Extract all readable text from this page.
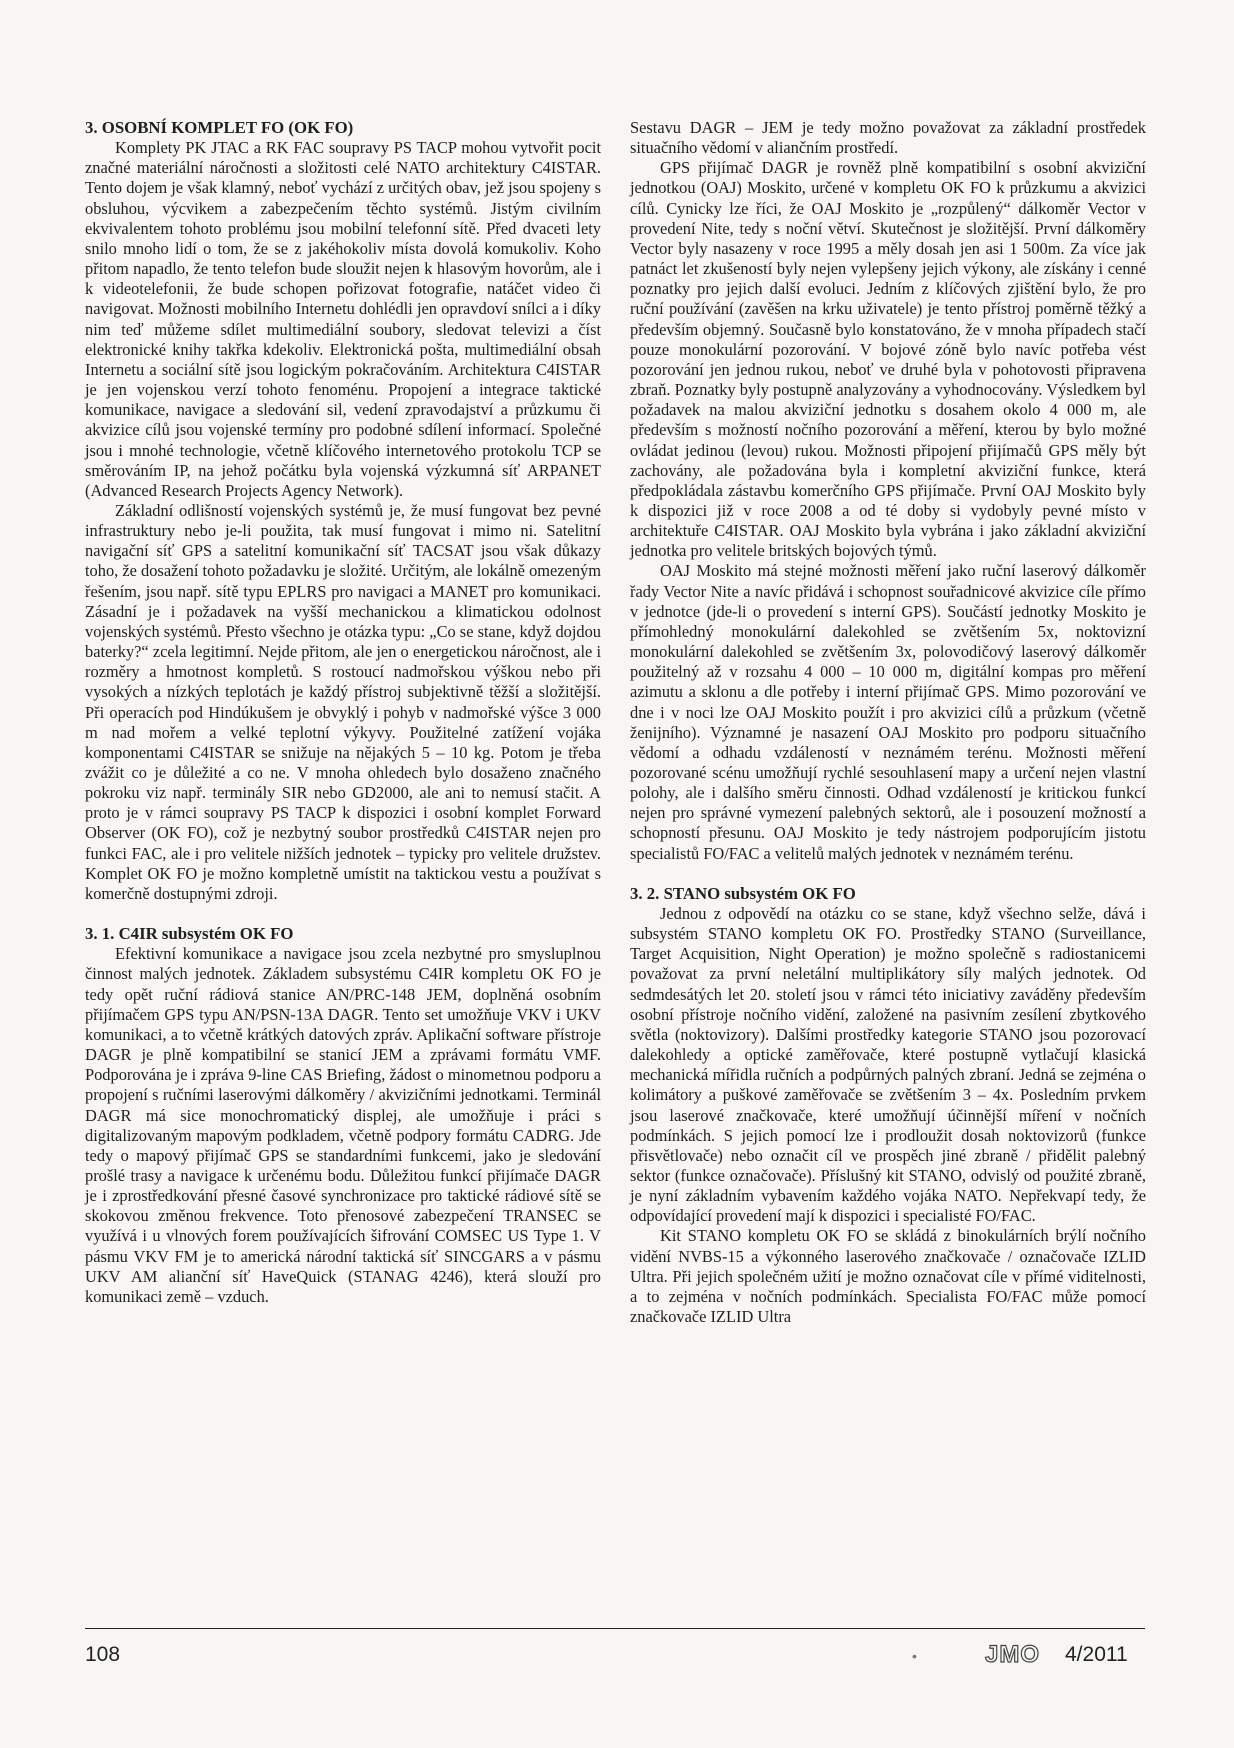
3. OSOBNÍ KOMPLET FO (OK FO)

Komplety PK JTAC a RK FAC soupravy PS TACP mohou vytvořit pocit značné materiální náročnosti a složitosti celé NATO architektury C4ISTAR. Tento dojem je však klamný, neboť vychází z určitých obav, jež jsou spojeny s obsluhou, výcvikem a zabezpečením těchto systémů. Jistým civilním ekvivalentem tohoto problému jsou mobilní telefonní sítě. Před dvaceti lety snilo mnoho lidí o tom, že se z jakéhokoliv místa dovolá komukoliv. Koho přitom napadlo, že tento telefon bude sloužit nejen k hlasovým hovorům, ale i k videotelefonii, že bude schopen pořizovat fotografie, natáčet video či navigovat. Možnosti mobilního Internetu dohlédli jen opravdoví snílci a i díky nim teď můžeme sdílet multimediální soubory, sledovat televizi a číst elektronické knihy takřka kdekoliv. Elektronická pošta, multimediální obsah Internetu a sociální sítě jsou logickým pokračováním. Architektura C4ISTAR je jen vojenskou verzí tohoto fenoménu. Propojení a integrace taktické komunikace, navigace a sledování sil, vedení zpravodajství a průzkumu či akvizice cílů jsou vojenské termíny pro podobné sdílení informací. Společné jsou i mnohé technologie, včetně klíčového internetového protokolu TCP se směrováním IP, na jehož počátku byla vojenská výzkumná síť ARPANET (Advanced Research Projects Agency Network).

Základní odlišností vojenských systémů je, že musí fungovat bez pevné infrastruktury nebo je-li použita, tak musí fungovat i mimo ni. Satelitní navigační síť GPS a satelitní komunikační síť TACSAT jsou však důkazy toho, že dosažení tohoto požadavku je složité. Určitým, ale lokálně omezeným řešením, jsou např. sítě typu EPLRS pro navigaci a MANET pro komunikaci. Zásadní je i požadavek na vyšší mechanickou a klimatickou odolnost vojenských systémů. Přesto všechno je otázka typu: „Co se stane, když dojdou baterky?“ zcela legitimní. Nejde přitom, ale jen o energetickou náročnost, ale i rozměry a hmotnost kompletů. S rostoucí nadmořskou výškou nebo při vysokých a nízkých teplotách je každý přístroj subjektivně těžší a složitější. Při operacích pod Hindúkušem je obvyklý i pohyb v nadmořské výšce 3 000 m nad mořem a velké teplotní výkyvy. Použitelné zatížení vojáka komponentami C4ISTAR se snižuje na nějakých 5 – 10 kg. Potom je třeba zvážit co je důležité a co ne. V mnoha ohledech bylo dosaženo značného pokroku viz např. terminály SIR nebo GD2000, ale ani to nemusí stačit. A proto je v rámci soupravy PS TACP k dispozici i osobní komplet Forward Observer (OK FO), což je nezbytný soubor prostředků C4ISTAR nejen pro funkci FAC, ale i pro velitele nižších jednotek – typicky pro velitele družstev. Komplet OK FO je možno kompletně umístit na taktickou vestu a používat s komerčně dostupnými zdroji.

3. 1. C4IR subsystém OK FO

Efektivní komunikace a navigace jsou zcela nezbytné pro smysluplnou činnost malých jednotek. Základem subsystému C4IR kompletu OK FO je tedy opět ruční rádiová stanice AN/PRC-148 JEM, doplněná osobním přijímačem GPS typu AN/PSN-13A DAGR. Tento set umožňuje VKV i UKV komunikaci, a to včetně krátkých datových zpráv. Aplikační software přístroje DAGR je plně kompatibilní se stanicí JEM a zprávami formátu VMF. Podporována je i zpráva 9-line CAS Briefing, žádost o minometnou podporu a propojení s ručními laserovými dálkoměry / akvizičními jednotkami. Terminál DAGR má sice monochromatický displej, ale umožňuje i práci s digitalizovaným mapovým podkladem, včetně podpory formátu CADRG. Jde tedy o mapový přijímač GPS se standardními funkcemi, jako je sledování prošlé trasy a navigace k určenému bodu. Důležitou funkcí přijímače DAGR je i zprostředkování přesné časové synchronizace pro taktické rádiové sítě se skokovou změnou frekvence. Toto přenosové zabezpečení TRANSEC se využívá i u vlnových forem používajících šifrování COMSEC US Type 1. V pásmu VKV FM je to americká národní taktická síť SINCGARS a v pásmu UKV AM alianční síť HaveQuick (STANAG 4246), která slouží pro komunikaci země – vzduch.

Sestavu DAGR – JEM je tedy možno považovat za základní prostředek situačního vědomí v aliančním prostředí.

GPS přijímač DAGR je rovněž plně kompatibilní s osobní akviziční jednotkou (OAJ) Moskito, určené v kompletu OK FO k průzkumu a akvizici cílů. Cynicky lze říci, že OAJ Moskito je „rozpůlený“ dálkoměr Vector v provedení Nite, tedy s noční větví. Skutečnost je složitější. První dálkoměry Vector byly nasazeny v roce 1995 a měly dosah jen asi 1 500m. Za více jak patnáct let zkušeností byly nejen vylepšeny jejich výkony, ale získány i cenné poznatky pro jejich další evoluci. Jedním z klíčových zjištění bylo, že pro ruční používání (zavěšen na krku uživatele) je tento přístroj poměrně těžký a především objemný. Současně bylo konstatováno, že v mnoha případech stačí pouze monokulární pozorování. V bojové zóně bylo navíc potřeba vést pozorování jen jednou rukou, neboť ve druhé byla v pohotovosti připravena zbraň. Poznatky byly postupně analyzovány a vyhodnocovány. Výsledkem byl požadavek na malou akviziční jednotku s dosahem okolo 4 000 m, ale především s možností nočního pozorování a měření, kterou by bylo možné ovládat jedinou (levou) rukou. Možnosti připojení přijímačů GPS měly být zachovány, ale požadována byla i kompletní akviziční funkce, která předpokládala zástavbu komerčního GPS přijímače. První OAJ Moskito byly k dispozici již v roce 2008 a od té doby si vydobyly pevné místo v architektuře C4ISTAR. OAJ Moskito byla vybrána i jako základní akviziční jednotka pro velitele britských bojových týmů.

OAJ Moskito má stejné možnosti měření jako ruční laserový dálkoměr řady Vector Nite a navíc přidává i schopnost souřadnicové akvizice cíle přímo v jednotce (jde-li o provedení s interní GPS). Součástí jednotky Moskito je přímohledný monokulární dalekohled se zvětšením 5x, noktovizní monokulární dalekohled se zvětšením 3x, polovodičový laserový dálkoměr použitelný až v rozsahu 4 000 – 10 000 m, digitální kompas pro měření azimutu a sklonu a dle potřeby i interní přijímač GPS. Mimo pozorování ve dne i v noci lze OAJ Moskito použít i pro akvizici cílů a průzkum (včetně ženijního). Významné je nasazení OAJ Moskito pro podporu situačního vědomí a odhadu vzdáleností v neznámém terénu. Možnosti měření pozorované scénu umožňují rychlé sesouhlasení mapy a určení nejen vlastní polohy, ale i dalšího směru činnosti. Odhad vzdáleností je kritickou funkcí nejen pro správné vymezení palebných sektorů, ale i posouzení možností a schopností přesunu. OAJ Moskito je tedy nástrojem podporujícím jistotu specialistů FO/FAC a velitelů malých jednotek v neznámém terénu.

3. 2. STANO subsystém OK FO

Jednou z odpovědí na otázku co se stane, když všechno selže, dává i subsystém STANO kompletu OK FO. Prostředky STANO (Surveillance, Target Acquisition, Night Operation) je možno společně s radiostanicemi považovat za první neletální multiplikátory síly malých jednotek. Od sedmdesátých let 20. století jsou v rámci této iniciativy zaváděny především osobní přístroje nočního vidění, založené na pasivním zesílení zbytkového světla (noktovizory). Dalšími prostředky kategorie STANO jsou pozorovací dalekohledy a optické zaměřovače, které postupně vytlačují klasická mechanická mířidla ručních a podpůrných palných zbraní. Jedná se zejména o kolimátory a puškové zaměřovače se zvětšením 3 – 4x. Posledním prvkem jsou laserové značkovače, které umožňují účinnější míření v nočních podmínkách. S jejich pomocí lze i prodloužit dosah noktovizorů (funkce přisvětlovače) nebo označit cíl ve prospěch jiné zbraně / přidělit palebný sektor (funkce označovače). Příslušný kit STANO, odvislý od použité zbraně, je nyní základním vybavením každého vojáka NATO. Nepřekvapí tedy, že odpovídající provedení mají k dispozici i specialisté FO/FAC.

Kit STANO kompletu OK FO se skládá z binokulárních brýlí nočního vidění NVBS-15 a výkonného laserového značkovače / označovače IZLID Ultra. Při jejich společném užití je možno označovat cíle v přímé viditelnosti, a to zejména v nočních podmínkách. Specialista FO/FAC může pomocí značkovače IZLID Ultra

108	•	JMO 4/2011
